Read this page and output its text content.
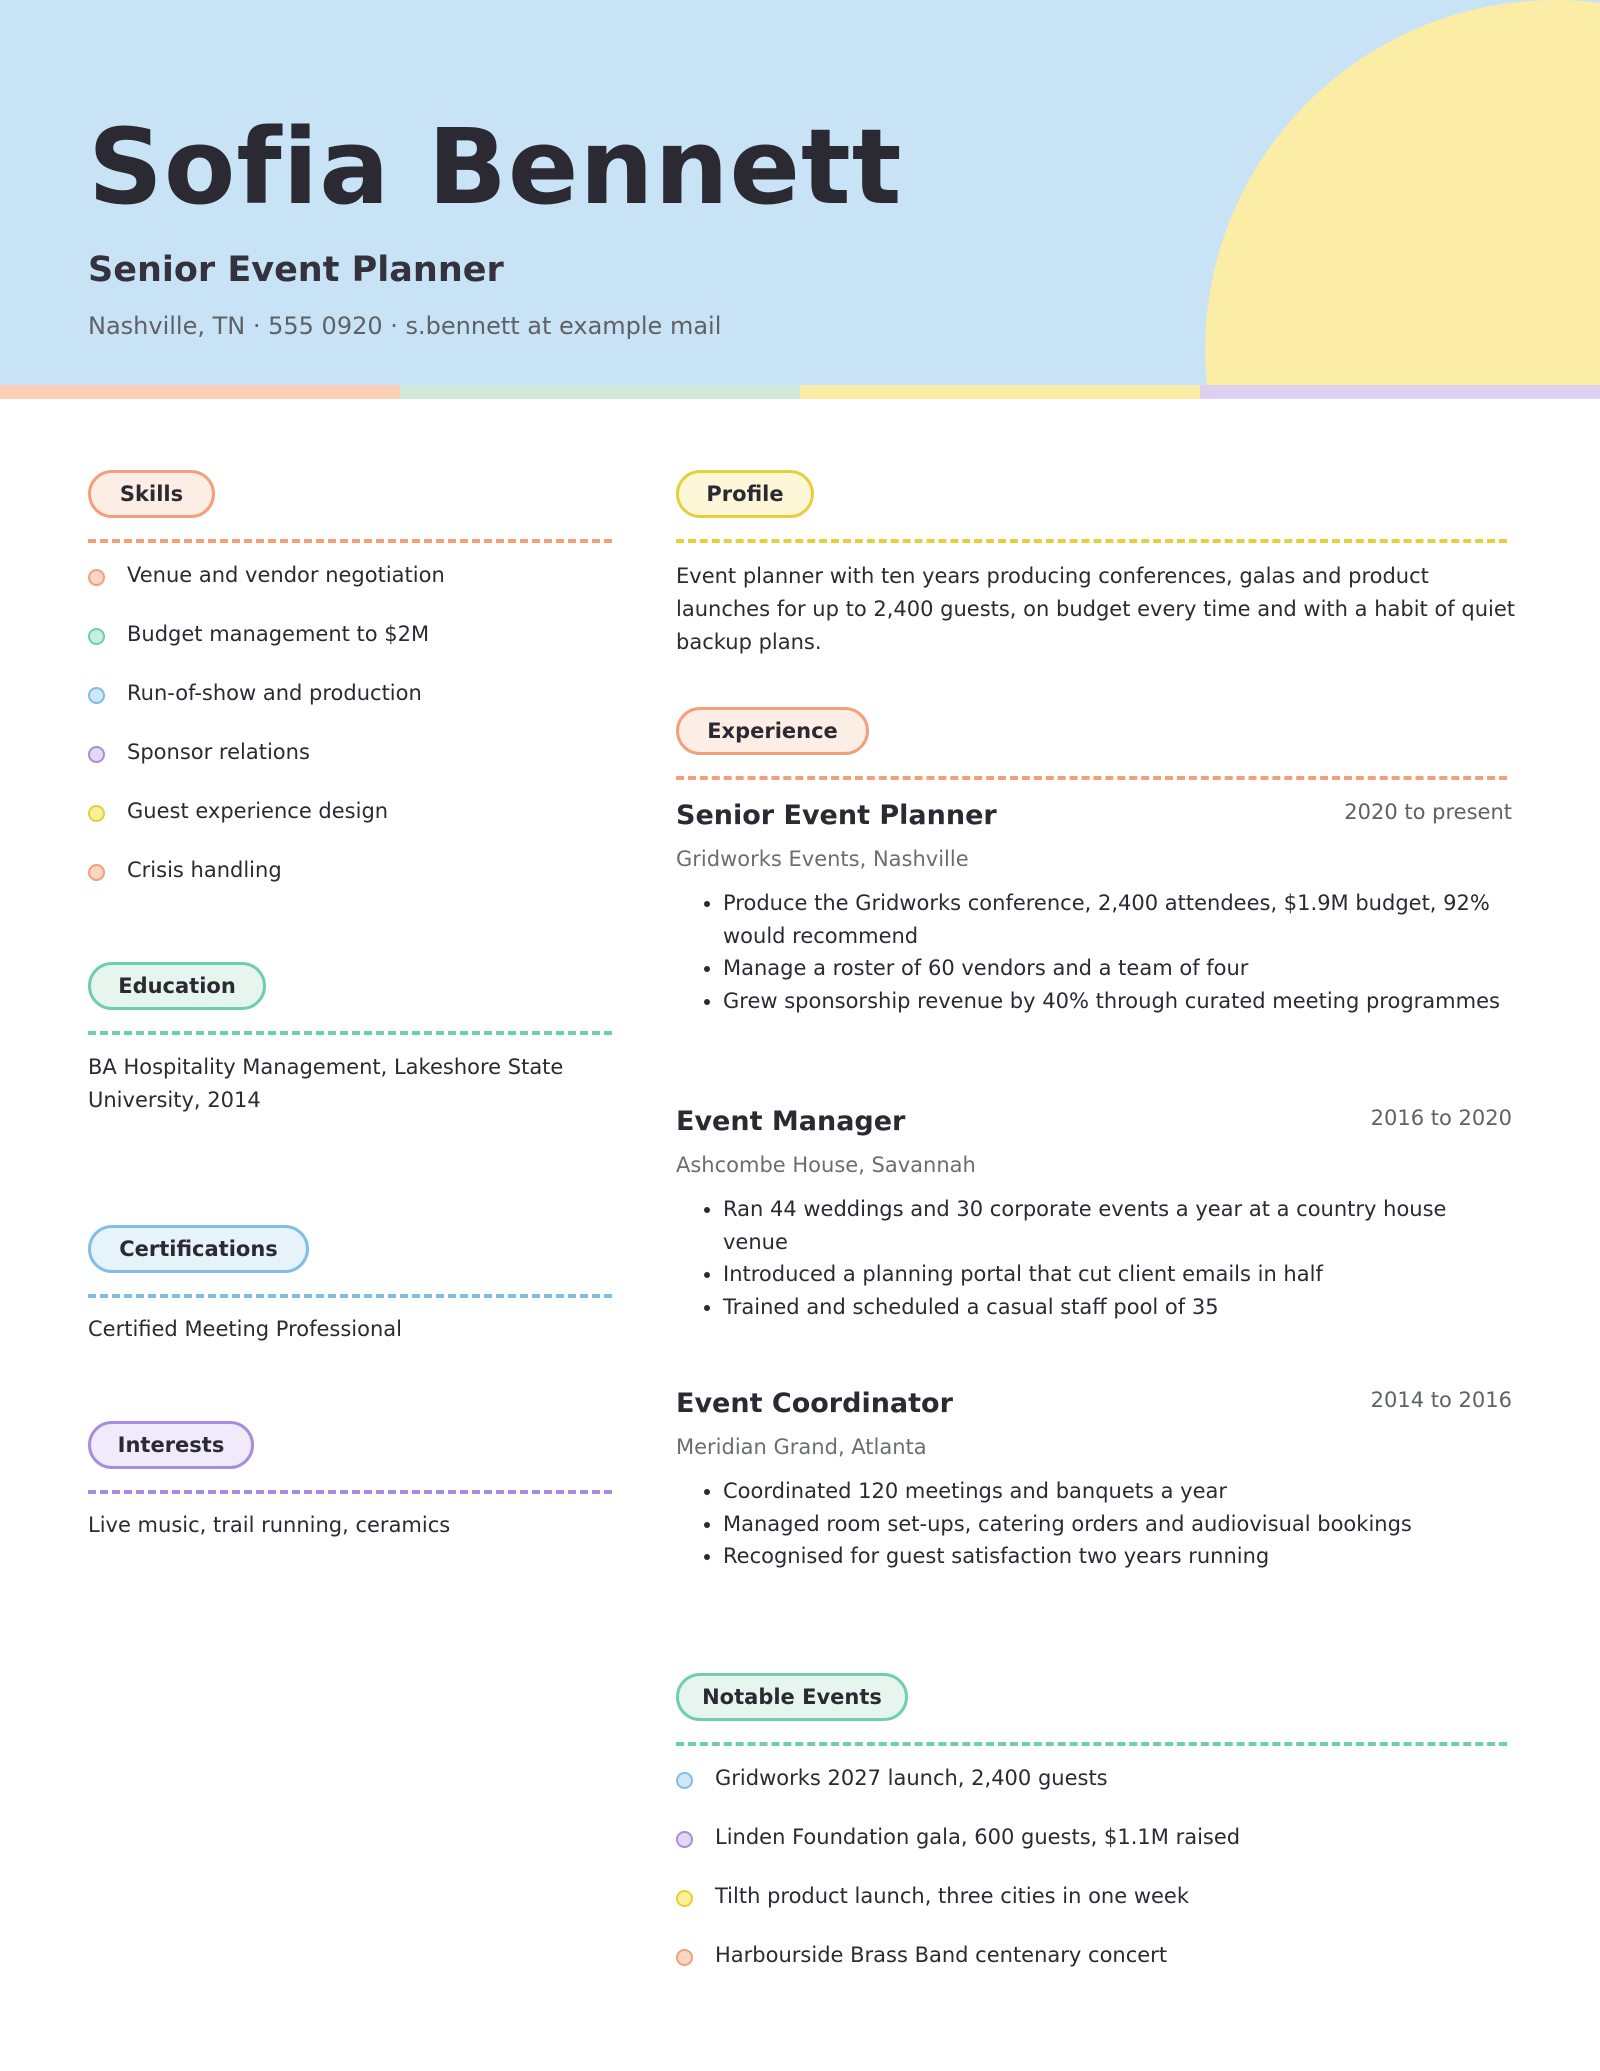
Sofia Bennett
Senior Event Planner
Nashville, TN · 555 0920 · s.bennett at example mail
Skills
Venue and vendor negotiation
Budget management to $2M
Run-of-show and production
Sponsor relations
Guest experience design
Crisis handling
Education
BA Hospitality Management, Lakeshore State University, 2014
Certifications
Certified Meeting Professional
Interests
Live music, trail running, ceramics
Profile
Event planner with ten years producing conferences, galas and product launches for up to 2,400 guests, on budget every time and with a habit of quiet backup plans.
Experience
Senior Event Planner	2020 to present
Gridworks Events, Nashville
• Produce the Gridworks conference, 2,400 attendees, $1.9M budget, 92% would recommend
• Manage a roster of 60 vendors and a team of four
• Grew sponsorship revenue by 40% through curated meeting programmes
Event Manager	2016 to 2020
Ashcombe House, Savannah
• Ran 44 weddings and 30 corporate events a year at a country house venue
• Introduced a planning portal that cut client emails in half
• Trained and scheduled a casual staff pool of 35
Event Coordinator	2014 to 2016
Meridian Grand, Atlanta
• Coordinated 120 meetings and banquets a year
• Managed room set-ups, catering orders and audiovisual bookings
• Recognised for guest satisfaction two years running
Notable Events
Gridworks 2027 launch, 2,400 guests
Linden Foundation gala, 600 guests, $1.1M raised
Tilth product launch, three cities in one week
Harbourside Brass Band centenary concert
